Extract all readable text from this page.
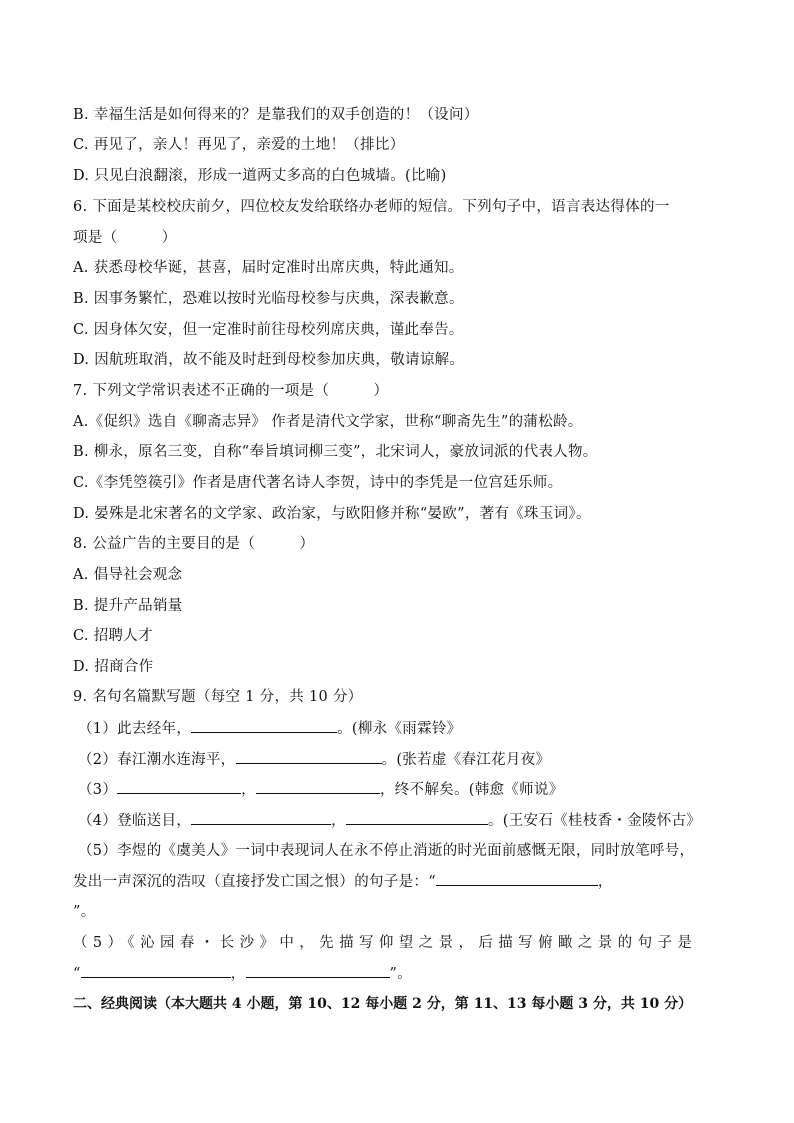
B. 幸福生活是如何得来的？是靠我们的双手创造的！（设问）
C. 再见了，亲人！再见了，亲爱的土地！（排比）
D. 只见白浪翻滚，形成一道两丈多高的白色城墙。(比喻)
6. 下面是某校校庆前夕，四位校友发给联络办老师的短信。下列句子中，语言表达得体的一
项是（　　　）
A. 获悉母校华诞，甚喜，届时定准时出席庆典，特此通知。
B. 因事务繁忙，恐难以按时光临母校参与庆典，深表歉意。
C. 因身体欠安，但一定准时前往母校列席庆典，谨此奉告。
D. 因航班取消，故不能及时赶到母校参加庆典，敬请谅解。
7. 下列文学常识表述不正确的一项是（　　　）
A.《促织》选自《聊斋志异》 作者是清代文学家，世称“聊斋先生”的蒲松龄。
B. 柳永，原名三变，自称“奉旨填词柳三变”，北宋词人，豪放词派的代表人物。
C.《李凭箜篌引》作者是唐代著名诗人李贺，诗中的李凭是一位宫廷乐师。
D. 晏殊是北宋著名的文学家、政治家，与欧阳修并称“晏欧”，著有《珠玉词》。
8. 公益广告的主要目的是（　　　）
A. 倡导社会观念
B. 提升产品销量
C. 招聘人才
D. 招商合作
9. 名句名篇默写题（每空 1 分，共 10 分）
（1）此去经年，	。(柳永《雨霖铃》
（2）春江潮水连海平，	。(张若虚《春江花月夜》
（3）	，	，终不解矣。(韩愈《师说》
（4）登临送目，	，	。(王安石《桂枝香・金陵怀古》
（5）李煜的《虞美人》一词中表现词人在永不停止消逝的时光面前感慨无限，同时放笔呼号，
发出一声深沉的浩叹（直接抒发亡国之恨）的句子是：“	，
”。
（5）《沁园春・长沙》中，先描写仰望之景，后描写俯瞰之景的句子是
“	，	”。
二、经典阅读（本大题共 4 小题，第 10、12 每小题 2 分，第 11、13 每小题 3 分，共 10 分）
